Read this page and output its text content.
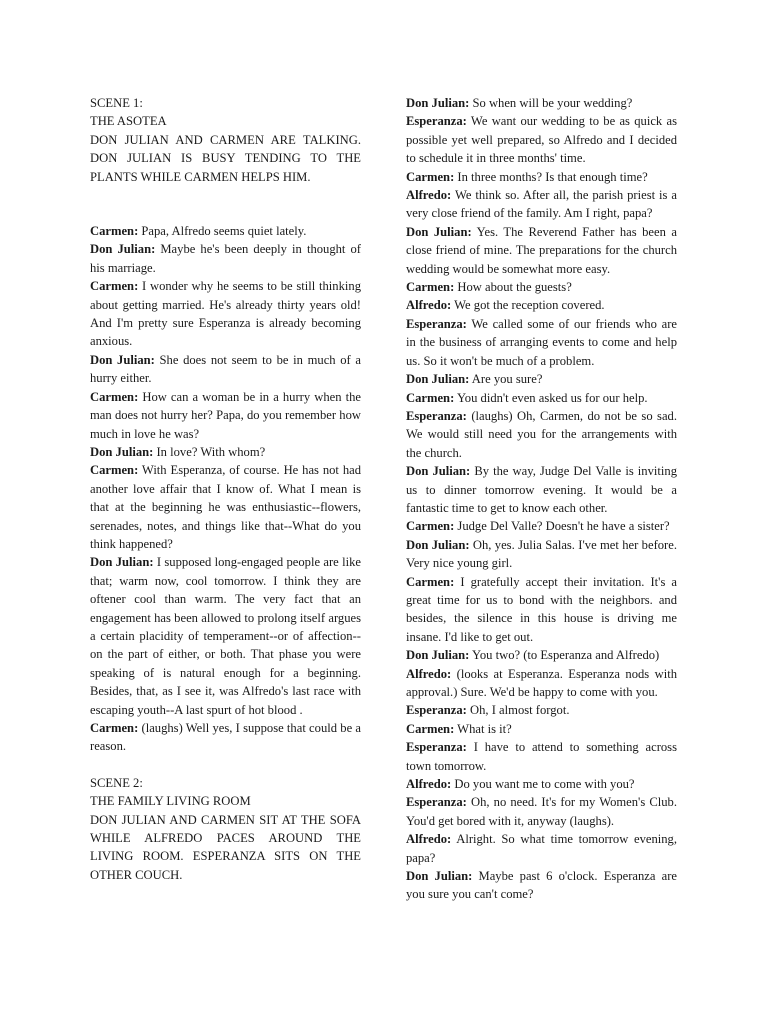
SCENE 1:
THE ASOTEA
DON JULIAN AND CARMEN ARE TALKING. DON JULIAN IS BUSY TENDING TO THE PLANTS WHILE CARMEN HELPS HIM.

Carmen: Papa, Alfredo seems quiet lately.

Don Julian: Maybe he's been deeply in thought of his marriage.

Carmen: I wonder why he seems to be still thinking about getting married. He's already thirty years old! And I'm pretty sure Esperanza is already becoming anxious.

Don Julian: She does not seem to be in much of a hurry either.

Carmen: How can a woman be in a hurry when the man does not hurry her? Papa, do you remember how much in love he was?

Don Julian: In love? With whom?

Carmen: With Esperanza, of course. He has not had another love affair that I know of. What I mean is that at the beginning he was enthusiastic--flowers, serenades, notes, and things like that--What do you think happened?

Don Julian: I supposed long-engaged people are like that; warm now, cool tomorrow. I think they are oftener cool than warm. The very fact that an engagement has been allowed to prolong itself argues a certain placidity of temperament--or of affection--on the part of either, or both. That phase you were speaking of is natural enough for a beginning. Besides, that, as I see it, was Alfredo's last race with escaping youth--A last spurt of hot blood .

Carmen: (laughs) Well yes, I suppose that could be a reason.

SCENE 2:
THE FAMILY LIVING ROOM
DON JULIAN AND CARMEN SIT AT THE SOFA WHILE ALFREDO PACES AROUND THE LIVING ROOM. ESPERANZA SITS ON THE OTHER COUCH.

Don Julian: So when will be your wedding?

Esperanza: We want our wedding to be as quick as possible yet well prepared, so Alfredo and I decided to schedule it in three months' time.

Carmen: In three months? Is that enough time?

Alfredo: We think so. After all, the parish priest is a very close friend of the family. Am I right, papa?

Don Julian: Yes. The Reverend Father has been a close friend of mine. The preparations for the church wedding would be somewhat more easy.

Carmen: How about the guests?

Alfredo: We got the reception covered.

Esperanza: We called some of our friends who are in the business of arranging events to come and help us. So it won't be much of a problem.

Don Julian: Are you sure?

Carmen: You didn't even asked us for our help.

Esperanza: (laughs) Oh, Carmen, do not be so sad. We would still need you for the arrangements with the church.

Don Julian: By the way, Judge Del Valle is inviting us to dinner tomorrow evening. It would be a fantastic time to get to know each other.

Carmen: Judge Del Valle? Doesn't he have a sister?

Don Julian: Oh, yes. Julia Salas. I've met her before. Very nice young girl.

Carmen: I gratefully accept their invitation. It's a great time for us to bond with the neighbors. and besides, the silence in this house is driving me insane. I'd like to get out.

Don Julian: You two? (to Esperanza and Alfredo)

Alfredo: (looks at Esperanza. Esperanza nods with approval.) Sure. We'd be happy to come with you.

Esperanza: Oh, I almost forgot.

Carmen: What is it?

Esperanza: I have to attend to something across town tomorrow.

Alfredo: Do you want me to come with you?

Esperanza: Oh, no need. It's for my Women's Club. You'd get bored with it, anyway (laughs).

Alfredo: Alright. So what time tomorrow evening, papa?

Don Julian: Maybe past 6 o'clock. Esperanza are you sure you can't come?
